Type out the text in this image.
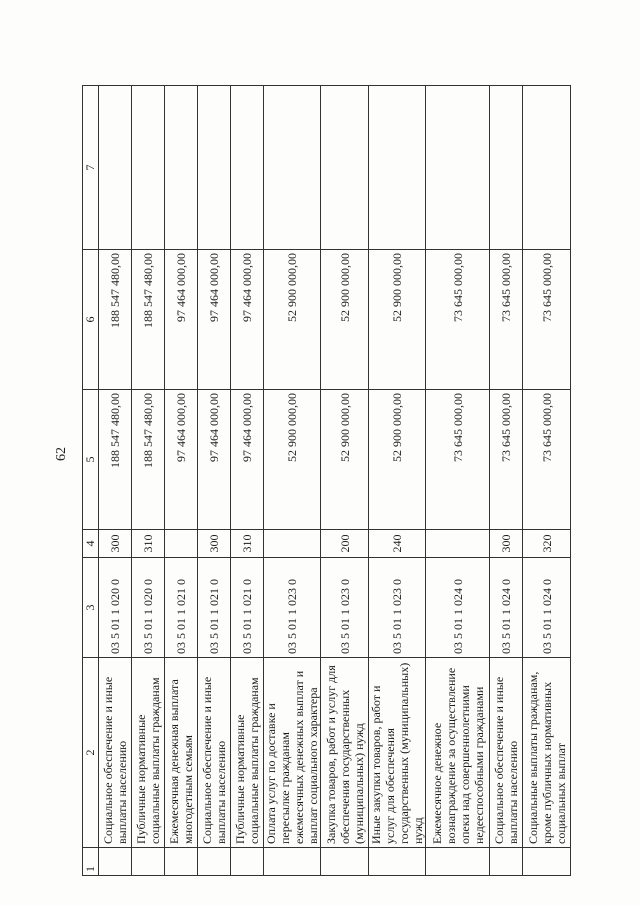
62
1	2	3	4	5	6	7
	Социальное обеспечение и иные выплаты населению	03 5 01 1 020 0	300	188 547 480,00	188 547 480,00	
	Публичные нормативные социальные выплаты гражданам	03 5 01 1 020 0	310	188 547 480,00	188 547 480,00	
	Ежемесячная денежная выплата многодетным семьям	03 5 01 1 021 0		97 464 000,00	97 464 000,00	
	Социальное обеспечение и иные выплаты населению	03 5 01 1 021 0	300	97 464 000,00	97 464 000,00	
	Публичные нормативные социальные выплаты гражданам	03 5 01 1 021 0	310	97 464 000,00	97 464 000,00	
	Оплата услуг по доставке и пересылке гражданам ежемесячных денежных выплат и выплат социального характера	03 5 01 1 023 0		52 900 000,00	52 900 000,00	
	Закупка товаров, работ и услуг для обеспечения государственных (муниципальных) нужд	03 5 01 1 023 0	200	52 900 000,00	52 900 000,00	
	Иные закупки товаров, работ и услуг для обеспечения государственных (муниципальных) нужд	03 5 01 1 023 0	240	52 900 000,00	52 900 000,00	
	Ежемесячное денежное вознаграждение за осуществление опеки над совершеннолетними недееспособными гражданами	03 5 01 1 024 0		73 645 000,00	73 645 000,00	
	Социальное обеспечение и иные выплаты населению	03 5 01 1 024 0	300	73 645 000,00	73 645 000,00	
	Социальные выплаты гражданам, кроме публичных нормативных социальных выплат	03 5 01 1 024 0	320	73 645 000,00	73 645 000,00	
